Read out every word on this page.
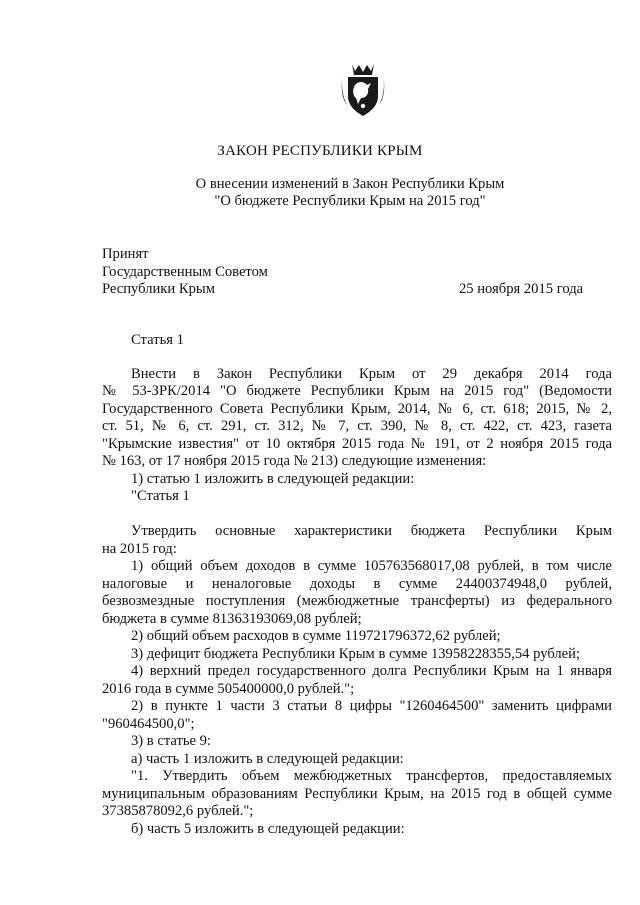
ЗАКОН РЕСПУБЛИКИ КРЫМ
О внесении изменений в Закон Республики Крым
"О бюджете Республики Крым на 2015 год"
Принят
Государственным Советом
Республики Крым	25 ноября 2015 года

Статья 1

Внести в Закон Республики Крым от 29 декабря 2014 года

№ 53-ЗРК/2014 "О бюджете Республики Крым на 2015 год" (Ведомости

Государственного Совета Республики Крым, 2014, № 6, ст. 618; 2015, № 2,

ст. 51, № 6, ст. 291, ст. 312, № 7, ст. 390, № 8, ст. 422, ст. 423, газета

"Крымские известия" от 10 октября 2015 года № 191, от 2 ноября 2015 года

№ 163, от 17 ноября 2015 года № 213) следующие изменения:

1) статью 1 изложить в следующей редакции:

"Статья 1

Утвердить основные характеристики бюджета Республики Крым

на 2015 год:

1) общий объем доходов в сумме 105763568017,08 рублей, в том числе

налоговые и неналоговые доходы в сумме 24400374948,0 рублей,

безвозмездные поступления (межбюджетные трансферты) из федерального

бюджета в сумме 81363193069,08 рублей;

2) общий объем расходов в сумме 119721796372,62 рублей;

3) дефицит бюджета Республики Крым в сумме 13958228355,54 рублей;

4) верхний предел государственного долга Республики Крым на 1 января

2016 года в сумме 505400000,0 рублей.";

2) в пункте 1 части 3 статьи 8 цифры "1260464500" заменить цифрами

"960464500,0";

3) в статье 9:

а) часть 1 изложить в следующей редакции:

"1. Утвердить объем межбюджетных трансфертов, предоставляемых

муниципальным образованиям Республики Крым, на 2015 год в общей сумме

37385878092,6 рублей.";

б) часть 5 изложить в следующей редакции:
